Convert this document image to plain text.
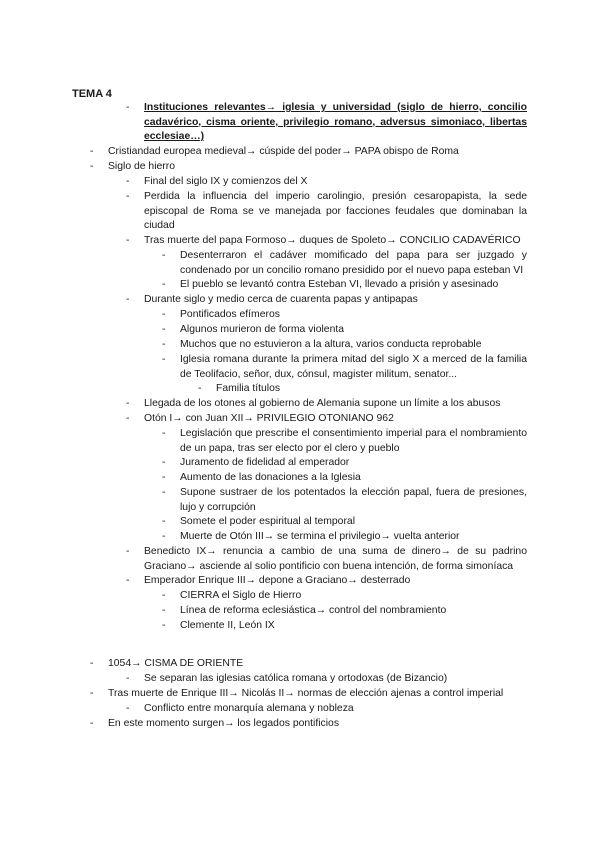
TEMA 4
-	Instituciones relevantes→ iglesia y universidad (siglo de hierro, concilio cadavérico, cisma oriente, privilegio romano, adversus simoniaco, libertas ecclesiae…)
-	Cristiandad europea medieval→ cúspide del poder→ PAPA obispo de Roma
-	Siglo de hierro
-	Final del siglo IX y comienzos del X
-	Perdida la influencia del imperio carolingio, presión cesaropapista, la sede episcopal de Roma se ve manejada por facciones feudales que dominaban la ciudad
-	Tras muerte del papa Formoso→ duques de Spoleto→ CONCILIO CADAVÉRICO
-	Desenterraron el cadáver momificado del papa para ser juzgado y condenado por un concilio romano presidido por el nuevo papa esteban VI
-	El pueblo se levantó contra Esteban VI, llevado a prisión y asesinado
-	Durante siglo y medio cerca de cuarenta papas y antipapas
-	Pontificados efímeros
-	Algunos murieron de forma violenta
-	Muchos que no estuvieron a la altura, varios conducta reprobable
-	Iglesia romana durante la primera mitad del siglo X a merced de la familia de Teolifacio, señor, dux, cónsul, magister militum, senator...
-	Familia títulos
-	Llegada de los otones al gobierno de Alemania supone un límite a los abusos
-	Otón I→ con Juan XII→ PRIVILEGIO OTONIANO 962
-	Legislación que prescribe el consentimiento imperial para el nombramiento de un papa, tras ser electo por el clero y pueblo
-	Juramento de fidelidad al emperador
-	Aumento de las donaciones a la Iglesia
-	Supone sustraer de los potentados la elección papal, fuera de presiones, lujo y corrupción
-	Somete el poder espiritual al temporal
-	Muerte de Otón III→ se termina el privilegio→ vuelta anterior
-	Benedicto IX→ renuncia a cambio de una suma de dinero→ de su padrino Graciano→ asciende al solio pontificio con buena intención, de forma simoníaca
-	Emperador Enrique III→ depone a Graciano→ desterrado
-	CIERRA el Siglo de Hierro
-	Línea de reforma eclesiástica→ control del nombramiento
-	Clemente II, León IX
-	1054→ CISMA DE ORIENTE
-	Se separan las iglesias católica romana y ortodoxas (de Bizancio)
-	Tras muerte de Enrique III→ Nicolás II→ normas de elección ajenas a control imperial
-	Conflicto entre monarquía alemana y nobleza
-	En este momento surgen→ los legados pontificios
